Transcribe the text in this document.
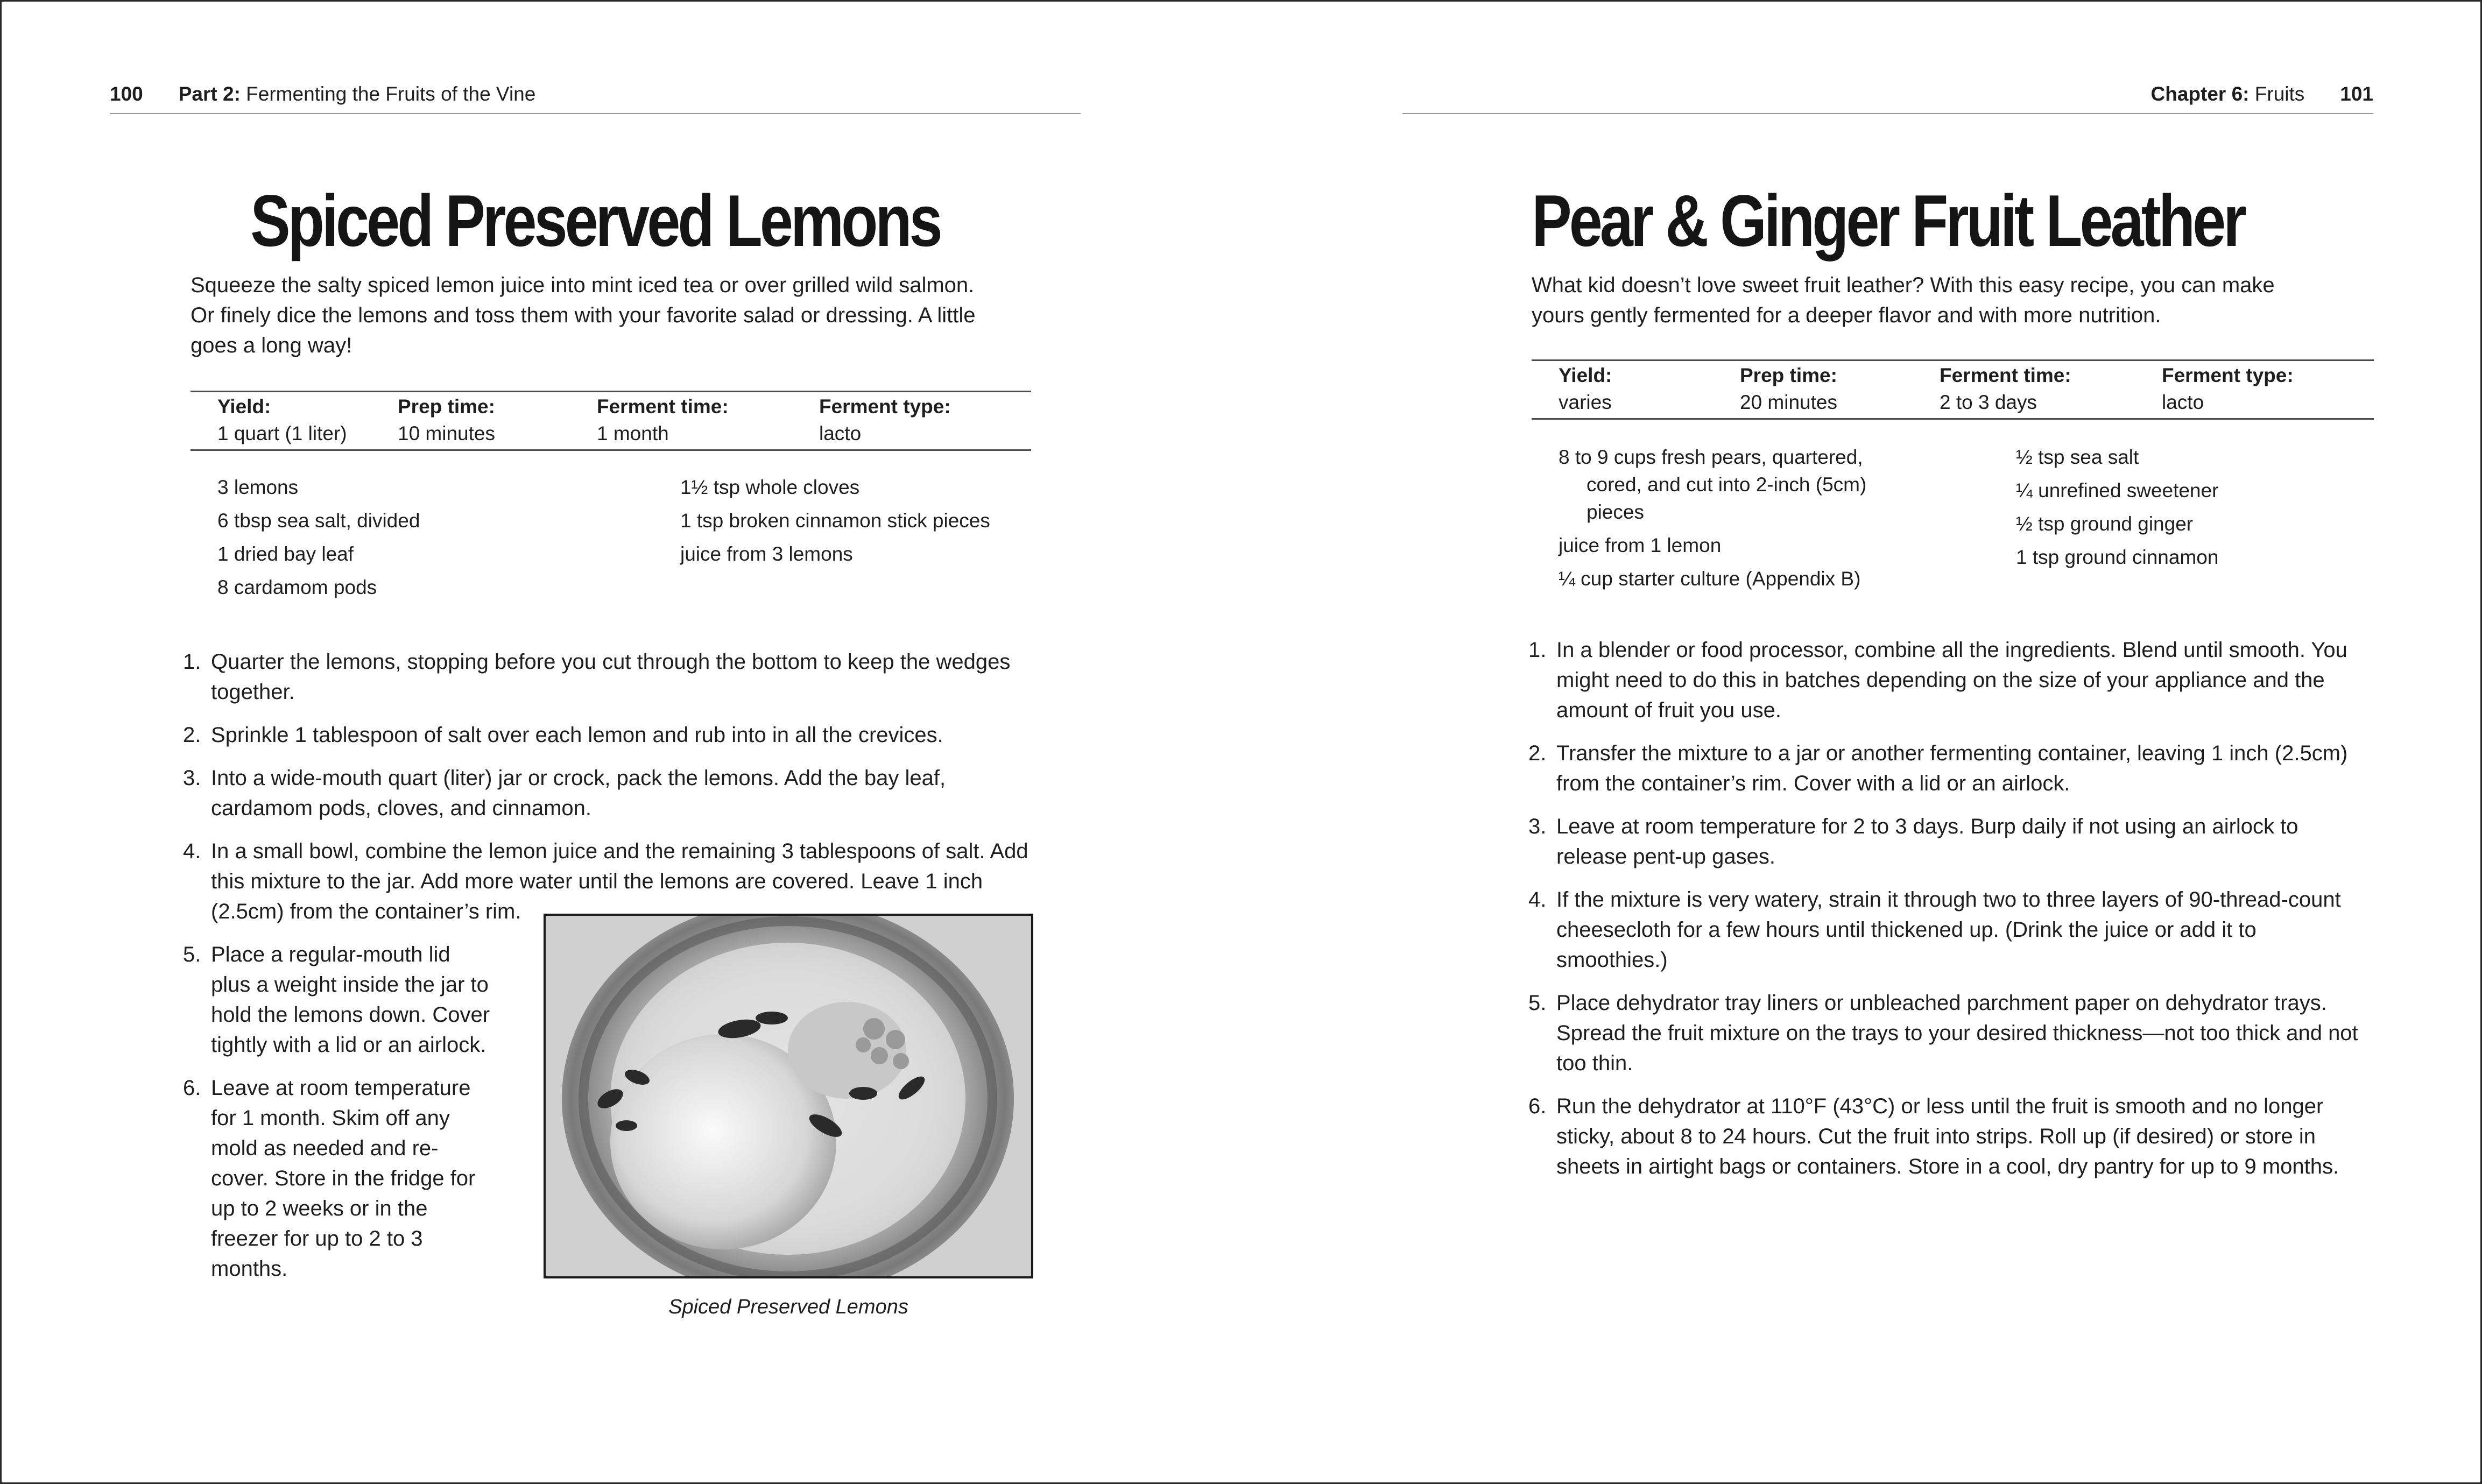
100 Part 2: Fermenting the Fruits of the Vine
Spiced Preserved Lemons

Squeeze the salty spiced lemon juice into mint iced tea or over grilled wild salmon. Or finely dice the lemons and toss them with your favorite salad or dressing. A little goes a long way!

Yield:
1 quart (1 liter)
Prep time:
10 minutes
Ferment time:
1 month
Ferment type:
lacto
3 lemons
6 tbsp sea salt, divided
1 dried bay leaf
8 cardamom pods
1½ tsp whole cloves
1 tsp broken cinnamon stick pieces
juice from 3 lemons
1. Quarter the lemons, stopping before you cut through the bottom to keep the wedges together.
2. Sprinkle 1 tablespoon of salt over each lemon and rub into in all the crevices.
3. Into a wide-mouth quart (liter) jar or crock, pack the lemons. Add the bay leaf, cardamom pods, cloves, and cinnamon.
4. In a small bowl, combine the lemon juice and the remaining 3 tablespoons of salt. Add this mixture to the jar. Add more water until the lemons are covered. Leave 1 inch (2.5cm) from the container’s rim.
5. Place a regular-mouth lid plus a weight inside the jar to hold the lemons down. Cover tightly with a lid or an airlock.
6. Leave at room temperature for 1 month. Skim off any mold as needed and re-cover. Store in the fridge for up to 2 weeks or in the freezer for up to 2 to 3 months.
Spiced Preserved Lemons
Chapter 6: Fruits 101
Pear & Ginger Fruit Leather

What kid doesn’t love sweet fruit leather? With this easy recipe, you can make yours gently fermented for a deeper flavor and with more nutrition.

Yield:
varies
Prep time:
20 minutes
Ferment time:
2 to 3 days
Ferment type:
lacto
8 to 9 cups fresh pears, quartered, cored, and cut into 2-inch (5cm) pieces
juice from 1 lemon
¼ cup starter culture (Appendix B)
½ tsp sea salt
¼ unrefined sweetener
½ tsp ground ginger
1 tsp ground cinnamon
1. In a blender or food processor, combine all the ingredients. Blend until smooth. You might need to do this in batches depending on the size of your appliance and the amount of fruit you use.
2. Transfer the mixture to a jar or another fermenting container, leaving 1 inch (2.5cm) from the container’s rim. Cover with a lid or an airlock.
3. Leave at room temperature for 2 to 3 days. Burp daily if not using an airlock to release pent-up gases.
4. If the mixture is very watery, strain it through two to three layers of 90-thread-count cheesecloth for a few hours until thickened up. (Drink the juice or add it to smoothies.)
5. Place dehydrator tray liners or unbleached parchment paper on dehydrator trays. Spread the fruit mixture on the trays to your desired thickness—not too thick and not too thin.
6. Run the dehydrator at 110°F (43°C) or less until the fruit is smooth and no longer sticky, about 8 to 24 hours. Cut the fruit into strips. Roll up (if desired) or store in sheets in airtight bags or containers. Store in a cool, dry pantry for up to 9 months.
